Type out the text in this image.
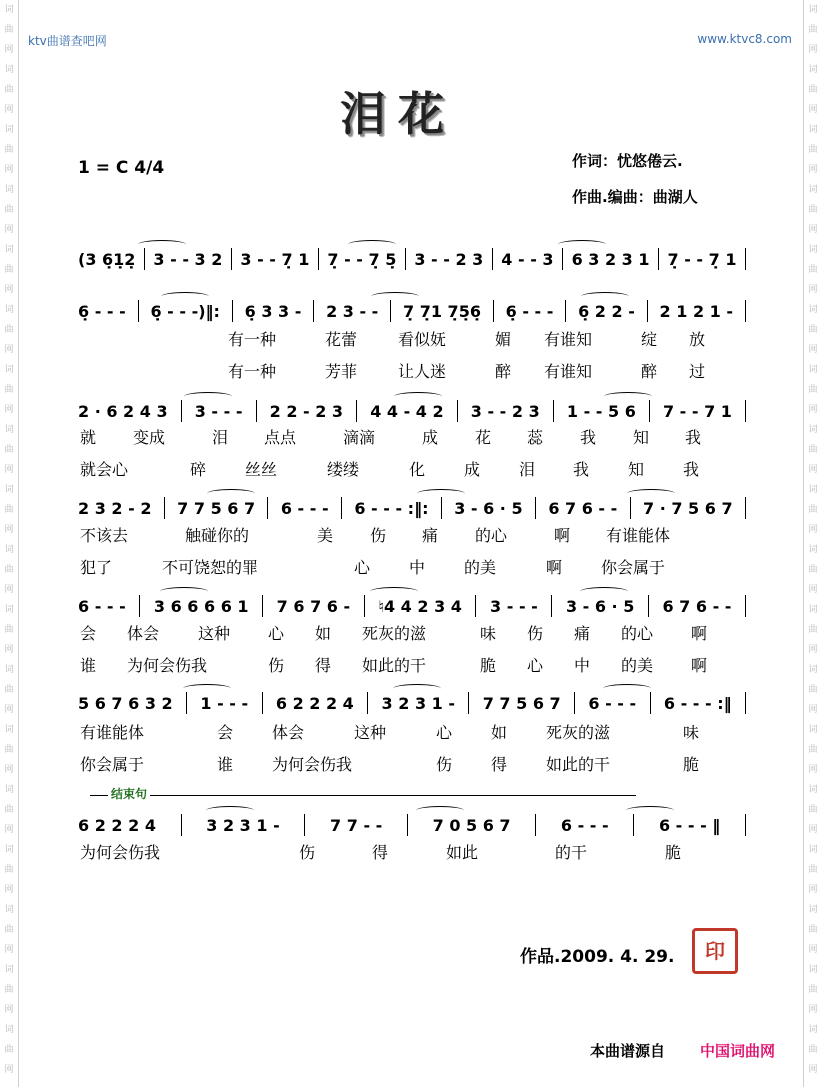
词
曲
网
词
曲
网
词
曲
网
词
曲
网
词
曲
网
词
曲
网
词
曲
网
词
曲
网
词
曲
网
词
曲
网
词
曲
网
词
曲
网
词
曲
网
词
曲
网
词
曲
网
词
曲
网
词
曲
网
词
曲
网
词
曲
网
词
曲
网
词
曲
网
词
曲
网
词
曲
网
词
曲
网
词
曲
网
词
曲
网
词
曲
网
词
曲
网
词
曲
网
词
曲
网
词
曲
网
词
曲
网
词
曲
网
词
曲
网
词
曲
网
词
曲
网
ktv曲谱查吧网	www.ktvc8.com
泪花
1 = C 4/4	作词：忧悠倦云.
作曲.编曲：曲湖人
(3 6̣1̣2̣ 3 - - 3 2 3 - - 7̣ 1 7̣ - - 7̣ 5̣ 3 - - 2 3 4 - - 3 6 3 2 3 1 7̣ - - 7̣ 1
6̣ - - - 6̣ - - -)‖: 6̣ 3 3 - 2 3 - - 7̣ 7̣1 7̣5̣6̣ 6̣ - - - 6̣ 2 2 - 2 1 2 1 -
2 · 6 2 4 3 3 - - - 2 2 - 2 3 4 4 - 4 2 3 - - 2 3 1 - - 5 6 7 - - 7 1
2 3 2 - 2 7 7 5 6 7 6 - - - 6 - - - :‖: 3 - 6 · 5 6 7 6 - - 7 · 7 5 6 7
6 - - - 3 6 6 6 6 1 7 6 7 6 - ♮4 4 2 3 4 3 - - - 3 - 6 · 5 6 7 6 - -
5 6 7 6 3 2 1 - - - 6 2 2 2 4 3 2 3 1 - 7 7 5 6 7 6 - - - 6 - - - :‖
6 2 2 2 4	3 2 3 1 -	7 7 - -	7 0 5 6 7	6 - - -	6 - - - ‖
有一种	花蕾	看似妩	媚 有谁知	绽 放
有一种	芳菲	让人迷	醉 有谁知	醉 过
就 变成	泪 点点	滴滴	成 花 蕊 我 知 我
就会心	碎 丝丝	缕缕	化 成 泪 我 知 我
不该去	触碰你的	美 伤 痛 的心	啊 有谁能体
犯了	不可饶恕的罪	心 中 的美	啊 你会属于
会 体会 这种 心 如 死灰的滋	味 伤 痛 的心 啊
谁 为何会伤我	伤 得 如此的干	脆 心 中 的美 啊
有谁能体	会 体会	这种	心 如 死灰的滋	味
你会属于	谁 为何会伤我	伤 得 如此的干	脆
为何会伤我	伤	得	如此	的干	脆
结束句
作品.2009. 4. 29.	印
本曲谱源自 中国词曲网
